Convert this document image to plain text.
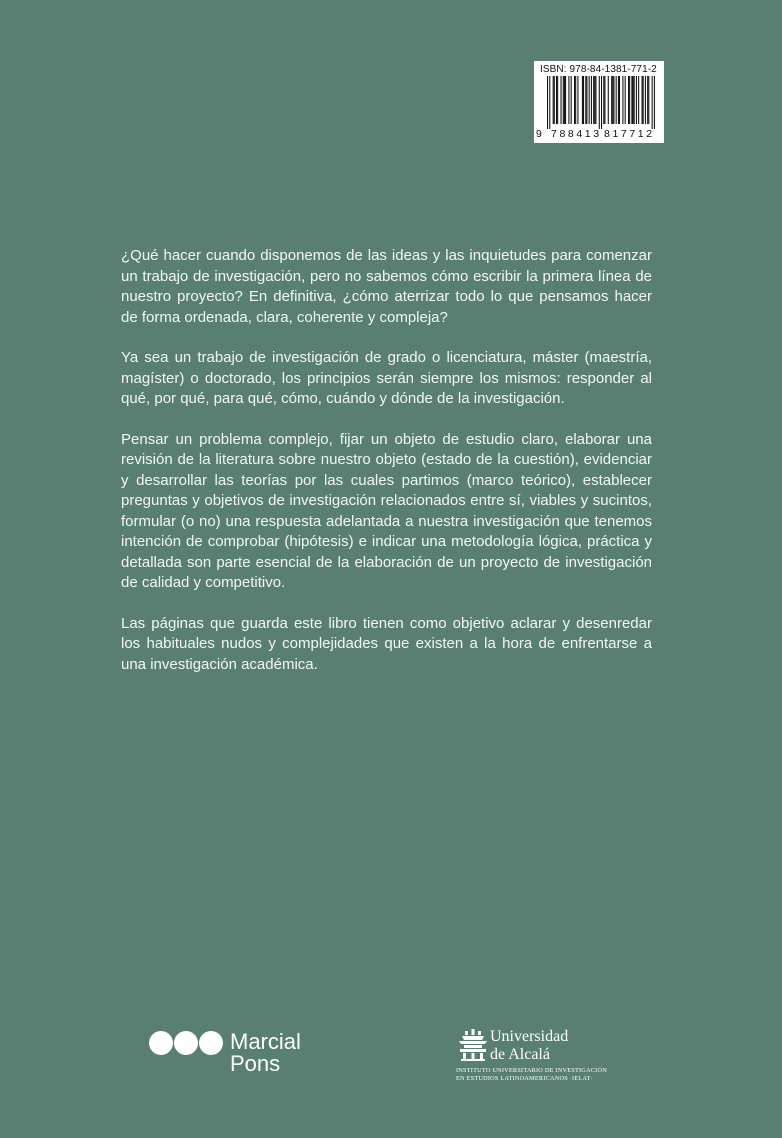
ISBN: 978-84-1381-771-2
9 788413 817712

¿Qué hacer cuando disponemos de las ideas y las inquietudes para comenzar un trabajo de investigación, pero no sabemos cómo escribir la primera línea de nuestro proyecto? En definitiva, ¿cómo aterrizar todo lo que pensamos hacer de forma ordenada, clara, coherente y compleja?

Ya sea un trabajo de investigación de grado o licenciatura, máster (maestría, magíster) o doctorado, los principios serán siempre los mismos: responder al qué, por qué, para qué, cómo, cuándo y dónde de la investigación.

Pensar un problema complejo, fijar un objeto de estudio claro, elaborar una revisión de la literatura sobre nuestro objeto (estado de la cuestión), evidenciar y desarrollar las teorías por las cuales partimos (marco teórico), establecer preguntas y objetivos de investigación relacionados entre sí, viables y sucintos, formular (o no) una respuesta adelantada a nuestra investigación que tenemos intención de comprobar (hipótesis) e indicar una metodología lógica, práctica y detallada son parte esencial de la elaboración de un proyecto de investigación de calidad y competitivo.

Las páginas que guarda este libro tienen como objetivo aclarar y desenredar los habituales nudos y complejidades que existen a la hora de enfrentarse a una investigación académica.

Marcial
Pons
Universidad
de Alcalá
INSTITUTO UNIVERSITARIO DE INVESTIGACIÓN
EN ESTUDIOS LATINOAMERICANOS ·IELAT·
